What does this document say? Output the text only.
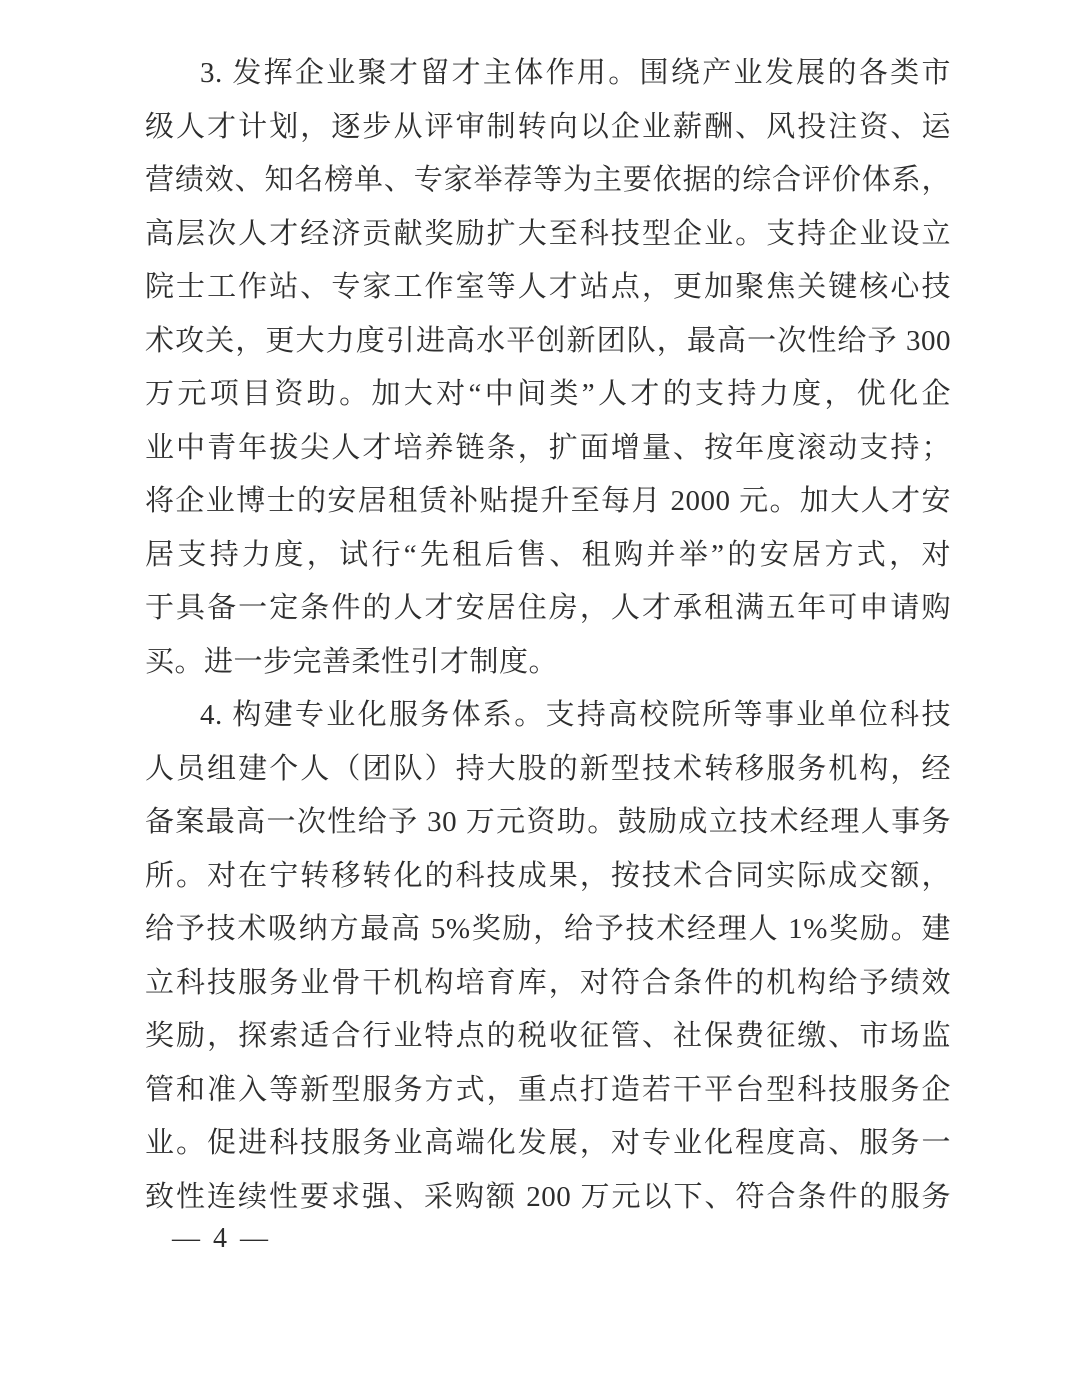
3. 发挥企业聚才留才主体作用。围绕产业发展的各类市
级人才计划，逐步从评审制转向以企业薪酬、风投注资、运
营绩效、知名榜单、专家举荐等为主要依据的综合评价体系，
高层次人才经济贡献奖励扩大至科技型企业。支持企业设立
院士工作站、专家工作室等人才站点，更加聚焦关键核心技
术攻关，更大力度引进高水平创新团队，最高一次性给予 300
万元项目资助。加大对“中间类”人才的支持力度，优化企
业中青年拔尖人才培养链条，扩面增量、按年度滚动支持；
将企业博士的安居租赁补贴提升至每月 2000 元。加大人才安
居支持力度，试行“先租后售、租购并举”的安居方式，对
于具备一定条件的人才安居住房，人才承租满五年可申请购
买。进一步完善柔性引才制度。
4. 构建专业化服务体系。支持高校院所等事业单位科技
人员组建个人（团队）持大股的新型技术转移服务机构，经
备案最高一次性给予 30 万元资助。鼓励成立技术经理人事务
所。对在宁转移转化的科技成果，按技术合同实际成交额，
给予技术吸纳方最高 5%奖励，给予技术经理人 1%奖励。建
立科技服务业骨干机构培育库，对符合条件的机构给予绩效
奖励，探索适合行业特点的税收征管、社保费征缴、市场监
管和准入等新型服务方式，重点打造若干平台型科技服务企
业。促进科技服务业高端化发展，对专业化程度高、服务一
致性连续性要求强、采购额 200 万元以下、符合条件的服务
— 4 —
